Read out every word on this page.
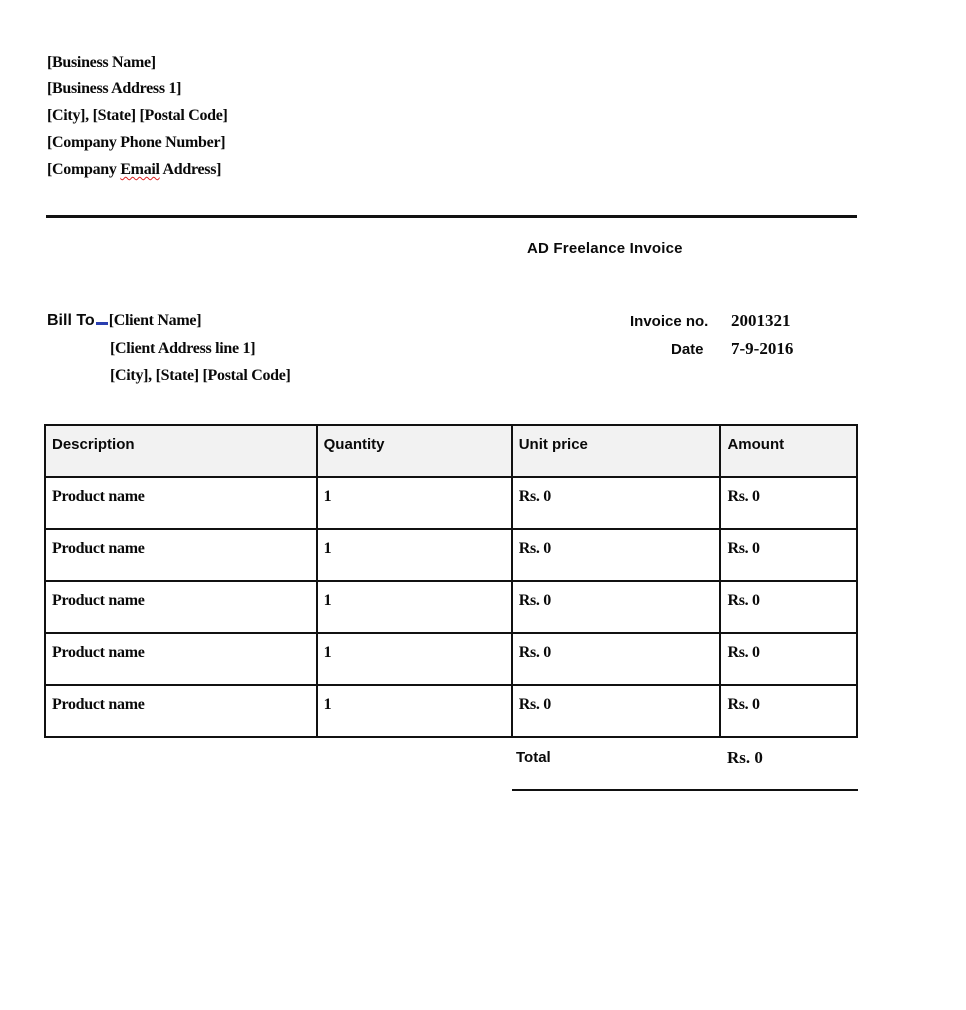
[Business Name]
[Business Address 1]
[City], [State] [Postal Code]
[Company Phone Number]
[Company Email Address]
AD Freelance Invoice
Bill To [Client Name]
[Client Address line 1]
[City], [State] [Postal Code]
Invoice no. 2001321
Date 7-9-2016
Description	Quantity	Unit price	Amount
Product name	1	Rs. 0	Rs. 0
Product name	1	Rs. 0	Rs. 0
Product name	1	Rs. 0	Rs. 0
Product name	1	Rs. 0	Rs. 0
Product name	1	Rs. 0	Rs. 0
Total	Rs. 0
